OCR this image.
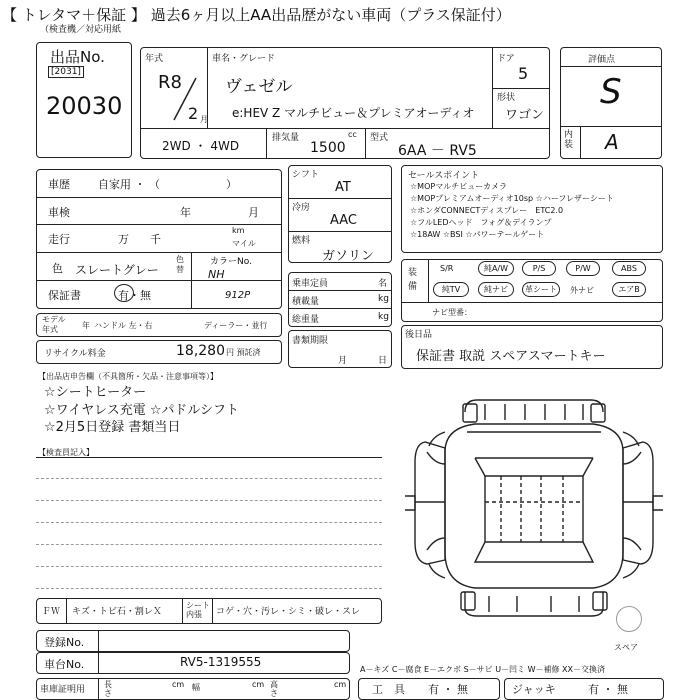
【 トレタマ＋保証 】 過去6ヶ月以上AA出品歴がない車両（プラス保証付）
（検査機／対応用紙
出品No.
[2031]
20030
年式
R8
2 月
車名・グレード
ヴェゼル
e:HEV Z マルチビュー＆プレミアオーディオ
ドア
5
形状
ワゴン
2WD ・ 4WD
排気量	cc
1500
型式
6AA － RV5
評価点
S
内装 A
車歴	自家用 ・ （　　　　　　）
車検	年	月
走行	万 千
km
マイル
色 スレートグレー
色替
カラーNo.
NH
912P
保証書	有・無
モデル
年式	年 ハンドル 左・右	ディーラー・並行
リサイクル料金	18,280 円 預託済
シフト
AT
冷房
AAC
燃料
ガソリン
乗車定員	名
積載量	kg
総重量	kg
書類期限
月	日
セールスポイント
☆MOPマルチビューカメラ
☆MOPプレミアムオーディオ10sp ☆ハーフレザーシート
☆ホンダCONNECTディスプレー　ETC2.0
☆フルLEDヘッド　フォグ＆デイランプ
☆18AW ☆BSI ☆パワーテールゲート
装備
S/R	純A/W	P/S	P/W	ABS
純TV	純ナビ	革シート	外ナビ	エアB
ナビ型番：
後日品
保証書 取説 スペアスマートキー
【出品店申告欄（不具箇所・欠品・注意事項等）】
☆シートヒーター
☆ワイヤレス充電 ☆パドルシフト
☆2月5日登録 書類当日
【検査員記入】
スペア
ＦＷ キズ・トビ石・割レＸ
シート内張	コゲ・穴・汚レ・シミ・破レ・スレ
登録No.
車台No.	RV5-1319555
A－キズ C－腐食 E－エクボ S－サビ U－凹ミ W－補修 XX－交換済
車庫証明用
長さ
cm 幅	cm 高さ
cm 工　具 有 ・ 無	ジャッキ	有 ・ 無
